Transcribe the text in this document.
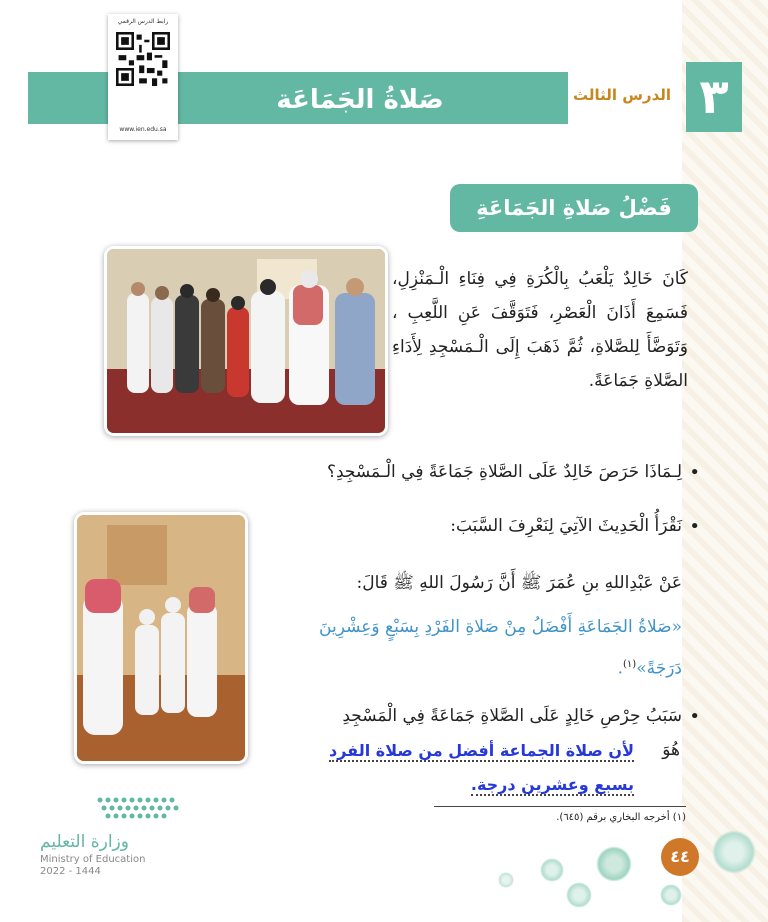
صَلاةُ الجَمَاعَة	الدرس الثالث ٣
رابط الدرس الرقمي
www.ien.edu.sa
فَضْلُ صَلاةِ الجَمَاعَةِ
كَانَ خَالِدٌ يَلْعَبُ بِالْكُرَةِ فِي فِنَاءِ الْـمَنْزِلِ، فَسَمِعَ أَذَانَ الْعَصْرِ، فَتَوَقَّفَ عَنِ اللَّعِبِ ، وَتَوَضَّأَ لِلصَّلاةِ، ثُمَّ ذَهَبَ إِلَى الْـمَسْجِدِ لِأَدَاءِ الصَّلاةِ جَمَاعَةً.
لِـمَاذَا حَرَصَ خَالِدٌ عَلَى الصَّلاةِ جَمَاعَةً فِي الْـمَسْجِدِ؟ •
نَقْرَأُ الْحَدِيثَ الآتِيَ لِنَعْرِفَ السَّبَبَ: •
عَنْ عَبْدِاللهِ بنِ عُمَرَ ﷺ أَنَّ رَسُولَ اللهِ ﷺ قَالَ:
«صَلاةُ الجَمَاعَةِ أَفْضَلُ مِنْ صَلاةِ الفَرْدِ بِسَبْعٍ وَعِشْرِينَ دَرَجَةً»$^{(١)}$.
سَبَبُ حِرْصِ خَالِدٍ عَلَى الصَّلاةِ جَمَاعَةً فِي الْمَسْجِدِ •
هُوَ
لأن صلاة الجماعة أفضل من صلاة الفرد
بسبع وعشرين درجة.
(١) أخرجه البخاري برقم (٦٤٥).
٤٤
وزارة التعليم
Ministry of Education
2022 - 1444
